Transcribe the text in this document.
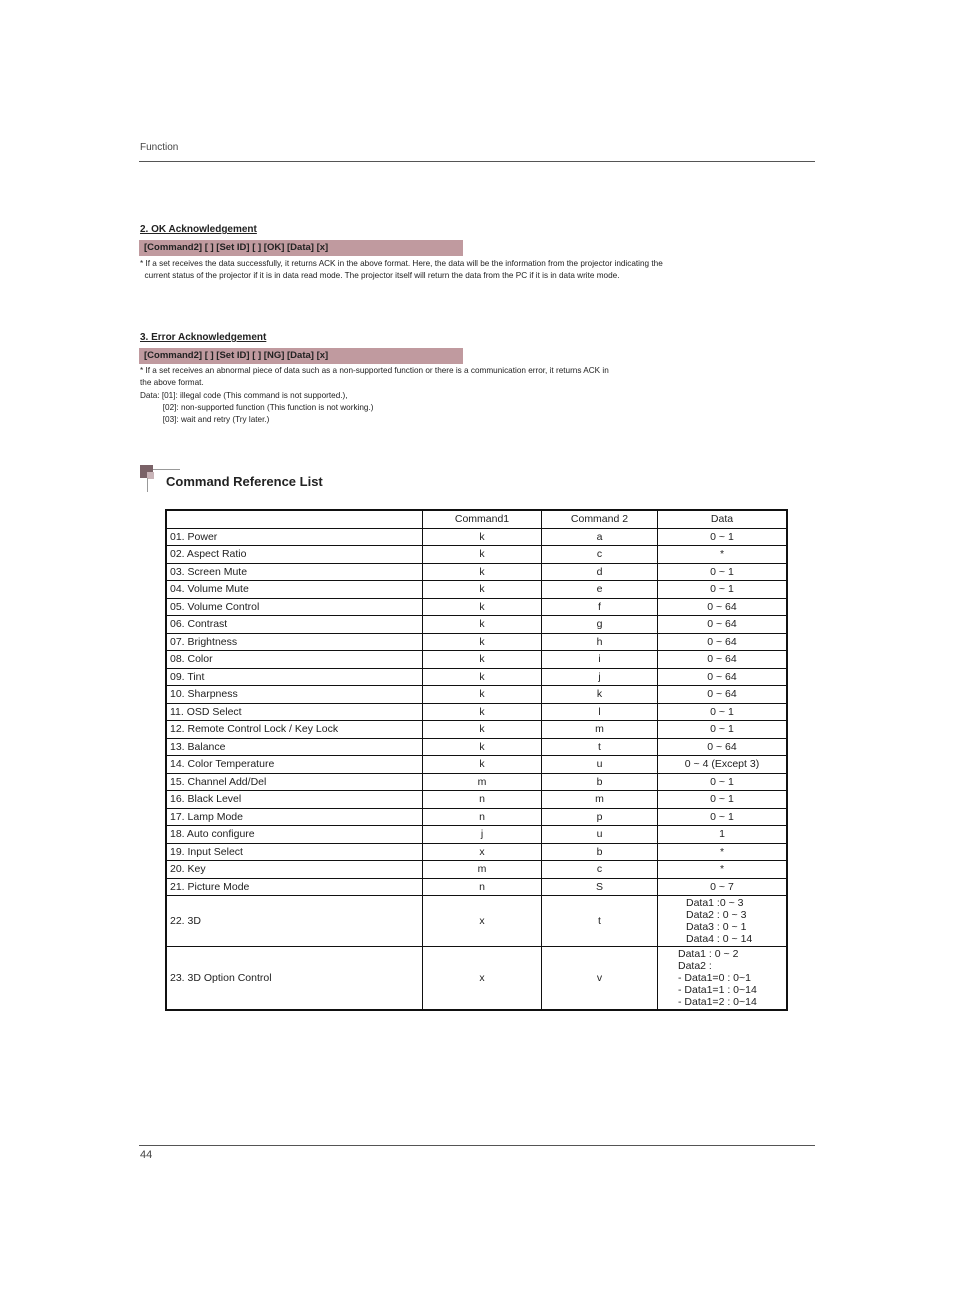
Function
2. OK Acknowledgement
[Command2] [ ] [Set ID] [ ] [OK] [Data] [x]
* If a set receives the data successfully, it returns ACK in the above format. Here, the data will be the information from the projector indicating the
current status of the projector if it is in data read mode. The projector itself will return the data from the PC if it is in data write mode.
3. Error Acknowledgement
[Command2] [ ] [Set ID] [ ] [NG] [Data] [x]
* If a set receives an abnormal piece of data such as a non-supported function or there is a communication error, it returns ACK in
the above format.
Data: [01]: illegal code (This command is not supported.),
[02]: non-supported function (This function is not working.)
[03]: wait and retry (Try later.)
Command Reference List
	Command1	Command 2	Data
01. Power	k	a	0 ~ 1
02. Aspect Ratio	k	c	*
03. Screen Mute	k	d	0 ~ 1
04. Volume Mute	k	e	0 ~ 1
05. Volume Control	k	f	0 ~ 64
06. Contrast	k	g	0 ~ 64
07. Brightness	k	h	0 ~ 64
08. Color	k	i	0 ~ 64
09. Tint	k	j	0 ~ 64
10. Sharpness	k	k	0 ~ 64
11. OSD Select	k	l	0 ~ 1
12. Remote Control Lock / Key Lock	k	m	0 ~ 1
13. Balance	k	t	0 ~ 64
14. Color Temperature	k	u	0 ~ 4 (Except 3)
15. Channel Add/Del	m	b	0 ~ 1
16. Black Level	n	m	0 ~ 1
17. Lamp Mode	n	p	0 ~ 1
18. Auto configure	j	u	1
19. Input Select	x	b	*
20. Key	m	c	*
21. Picture Mode	n	S	0 ~ 7
22. 3D	x	t	Data1 :0 ~ 3
Data2 : 0 ~ 3
Data3 : 0 ~ 1
Data4 : 0 ~ 14

23. 3D Option Control	x	v	Data1 : 0 ~ 2
Data2 :
- Data1=0 : 0~1
- Data1=1 : 0~14
- Data1=2 : 0~14
44
